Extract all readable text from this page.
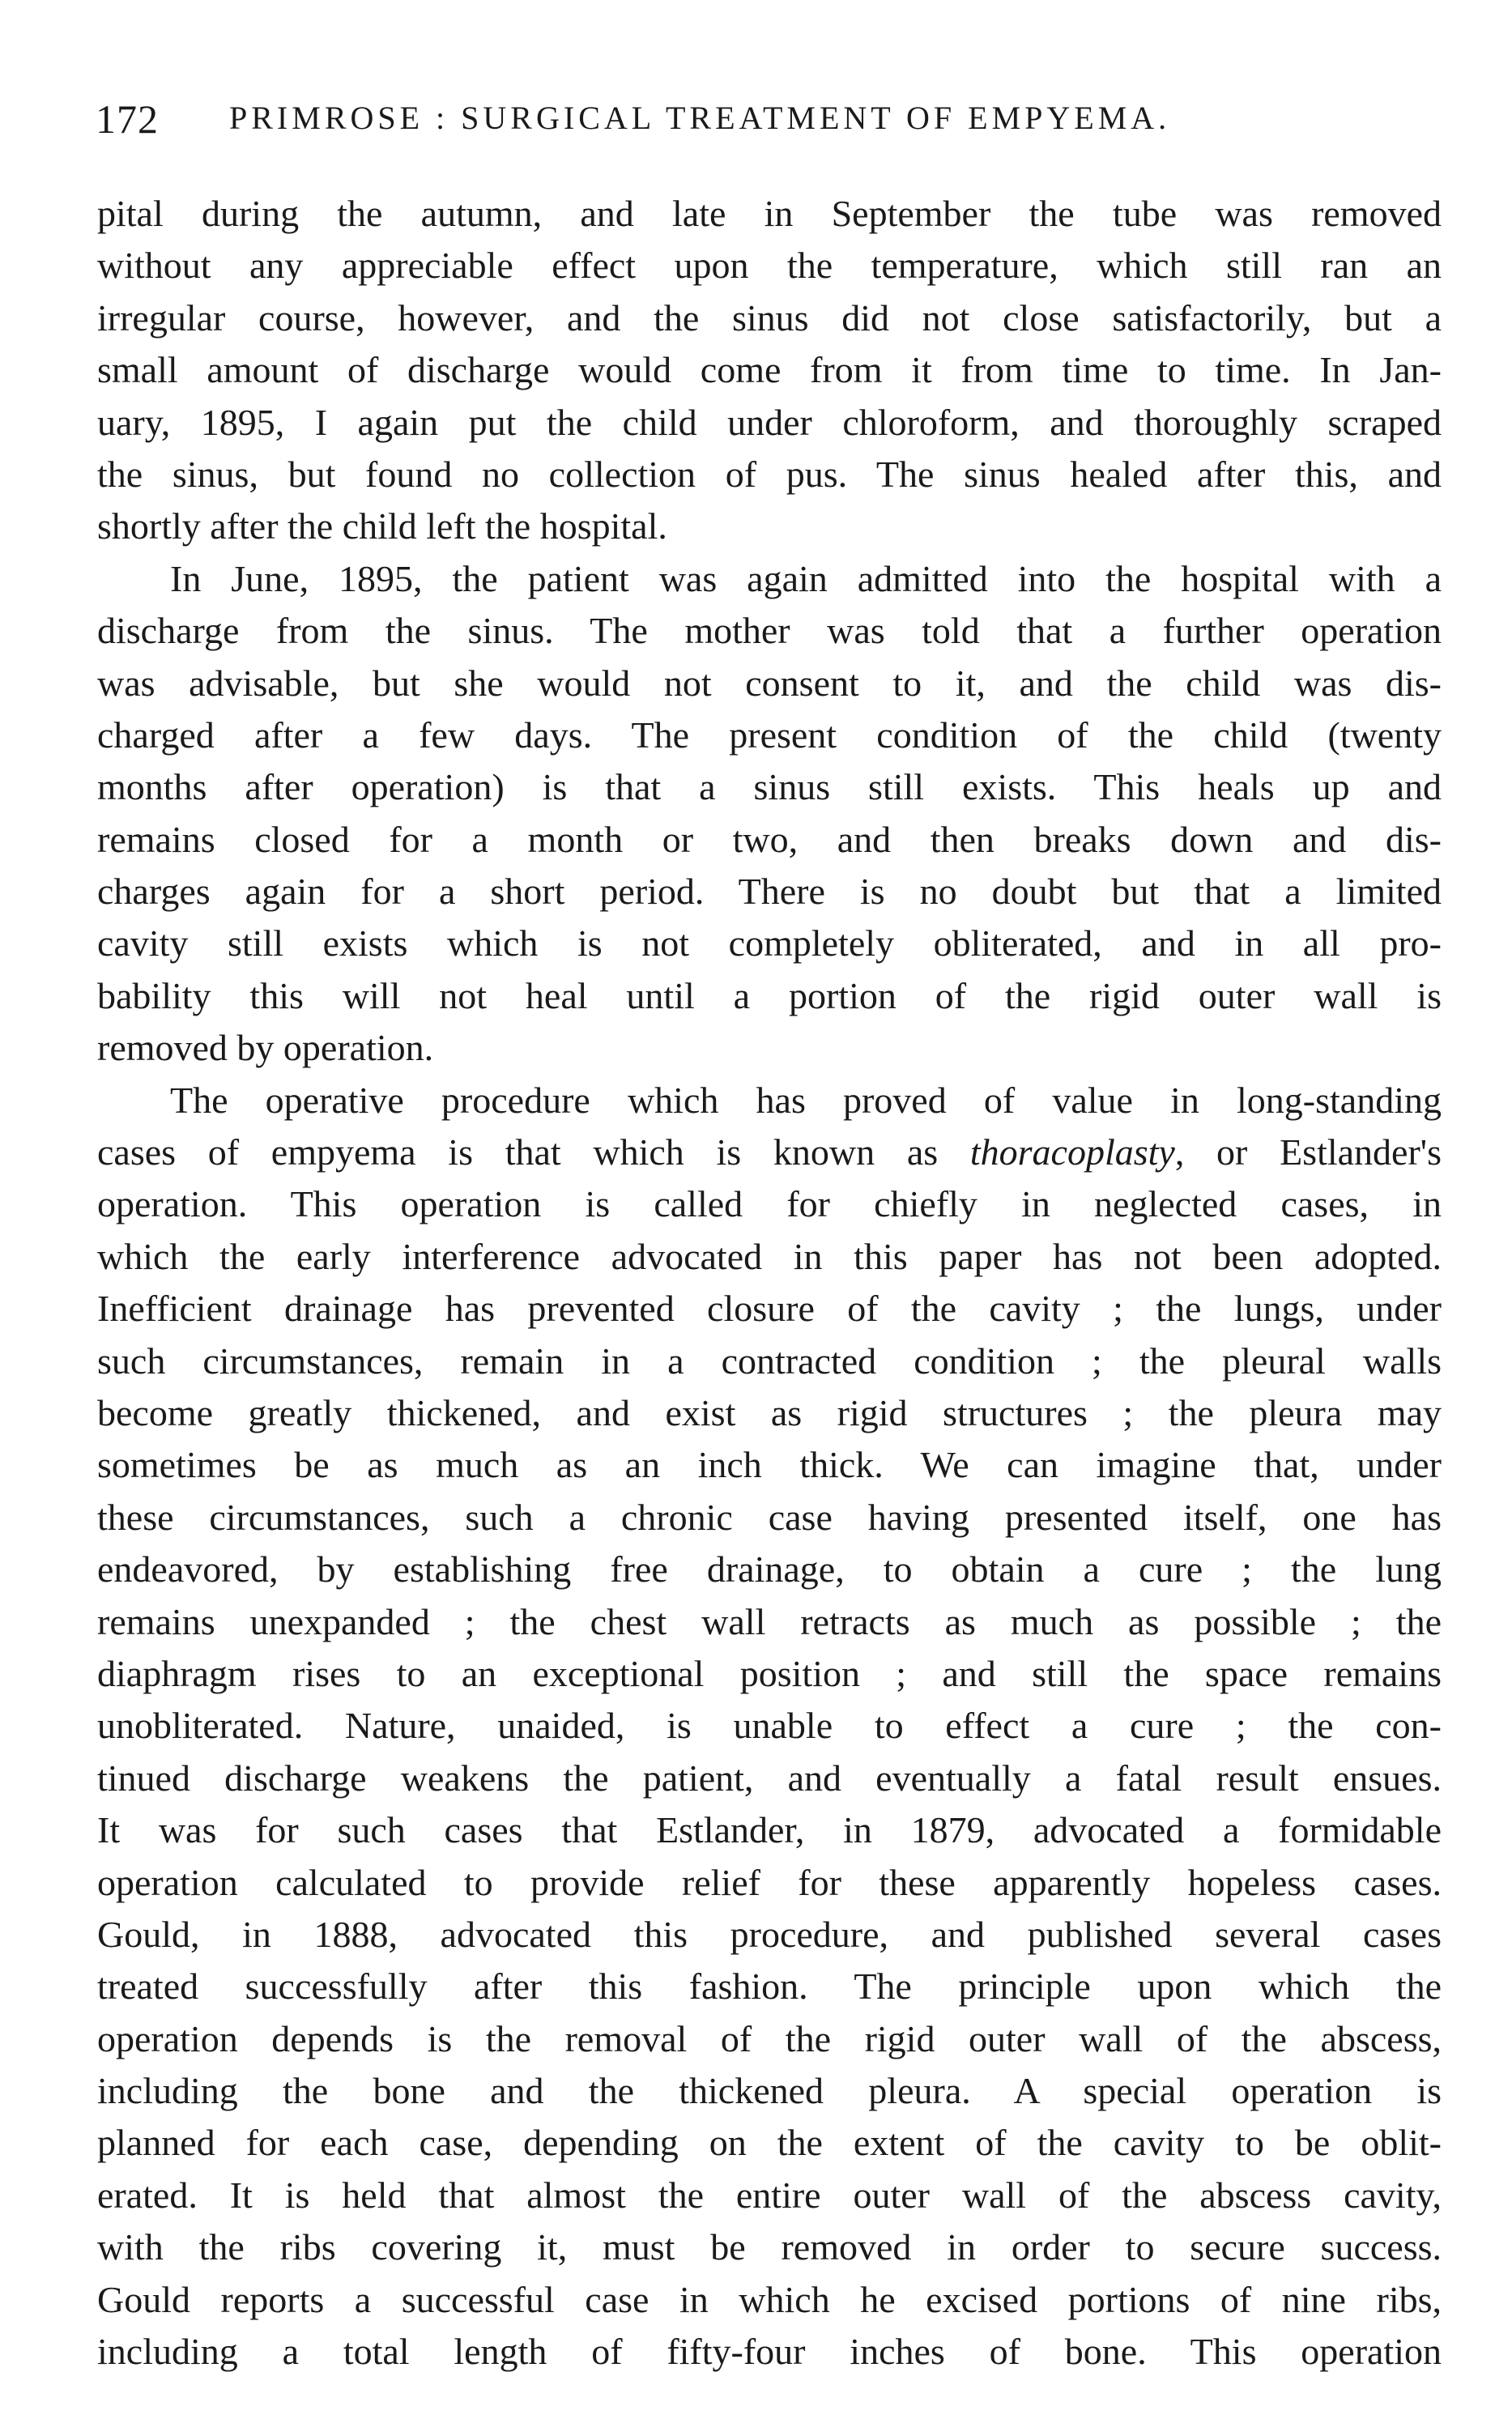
172 PRIMROSE : SURGICAL TREATMENT OF EMPYEMA.
pital during the autumn, and late in September the tube was removed
without any appreciable effect upon the temperature, which still ran an
irregular course, however, and the sinus did not close satisfactorily, but a
small amount of discharge would come from it from time to time. In Jan-
uary, 1895, I again put the child under chloroform, and thoroughly scraped
the sinus, but found no collection of pus. The sinus healed after this, and
shortly after the child left the hospital.
In June, 1895, the patient was again admitted into the hospital with a
discharge from the sinus. The mother was told that a further operation
was advisable, but she would not consent to it, and the child was dis-
charged after a few days. The present condition of the child (twenty
months after operation) is that a sinus still exists. This heals up and
remains closed for a month or two, and then breaks down and dis-
charges again for a short period. There is no doubt but that a limited
cavity still exists which is not completely obliterated, and in all pro-
bability this will not heal until a portion of the rigid outer wall is
removed by operation.
The operative procedure which has proved of value in long-standing
cases of empyema is that which is known as thoracoplasty, or Estlander's
operation. This operation is called for chiefly in neglected cases, in
which the early interference advocated in this paper has not been adopted.
Inefficient drainage has prevented closure of the cavity ; the lungs, under
such circumstances, remain in a contracted condition ; the pleural walls
become greatly thickened, and exist as rigid structures ; the pleura may
sometimes be as much as an inch thick. We can imagine that, under
these circumstances, such a chronic case having presented itself, one has
endeavored, by establishing free drainage, to obtain a cure ; the lung
remains unexpanded ; the chest wall retracts as much as possible ; the
diaphragm rises to an exceptional position ; and still the space remains
unobliterated. Nature, unaided, is unable to effect a cure ; the con-
tinued discharge weakens the patient, and eventually a fatal result ensues.
It was for such cases that Estlander, in 1879, advocated a formidable
operation calculated to provide relief for these apparently hopeless cases.
Gould, in 1888, advocated this procedure, and published several cases
treated successfully after this fashion. The principle upon which the
operation depends is the removal of the rigid outer wall of the abscess,
including the bone and the thickened pleura. A special operation is
planned for each case, depending on the extent of the cavity to be oblit-
erated. It is held that almost the entire outer wall of the abscess cavity,
with the ribs covering it, must be removed in order to secure success.
Gould reports a successful case in which he excised portions of nine ribs,
including a total length of fifty-four inches of bone. This operation
